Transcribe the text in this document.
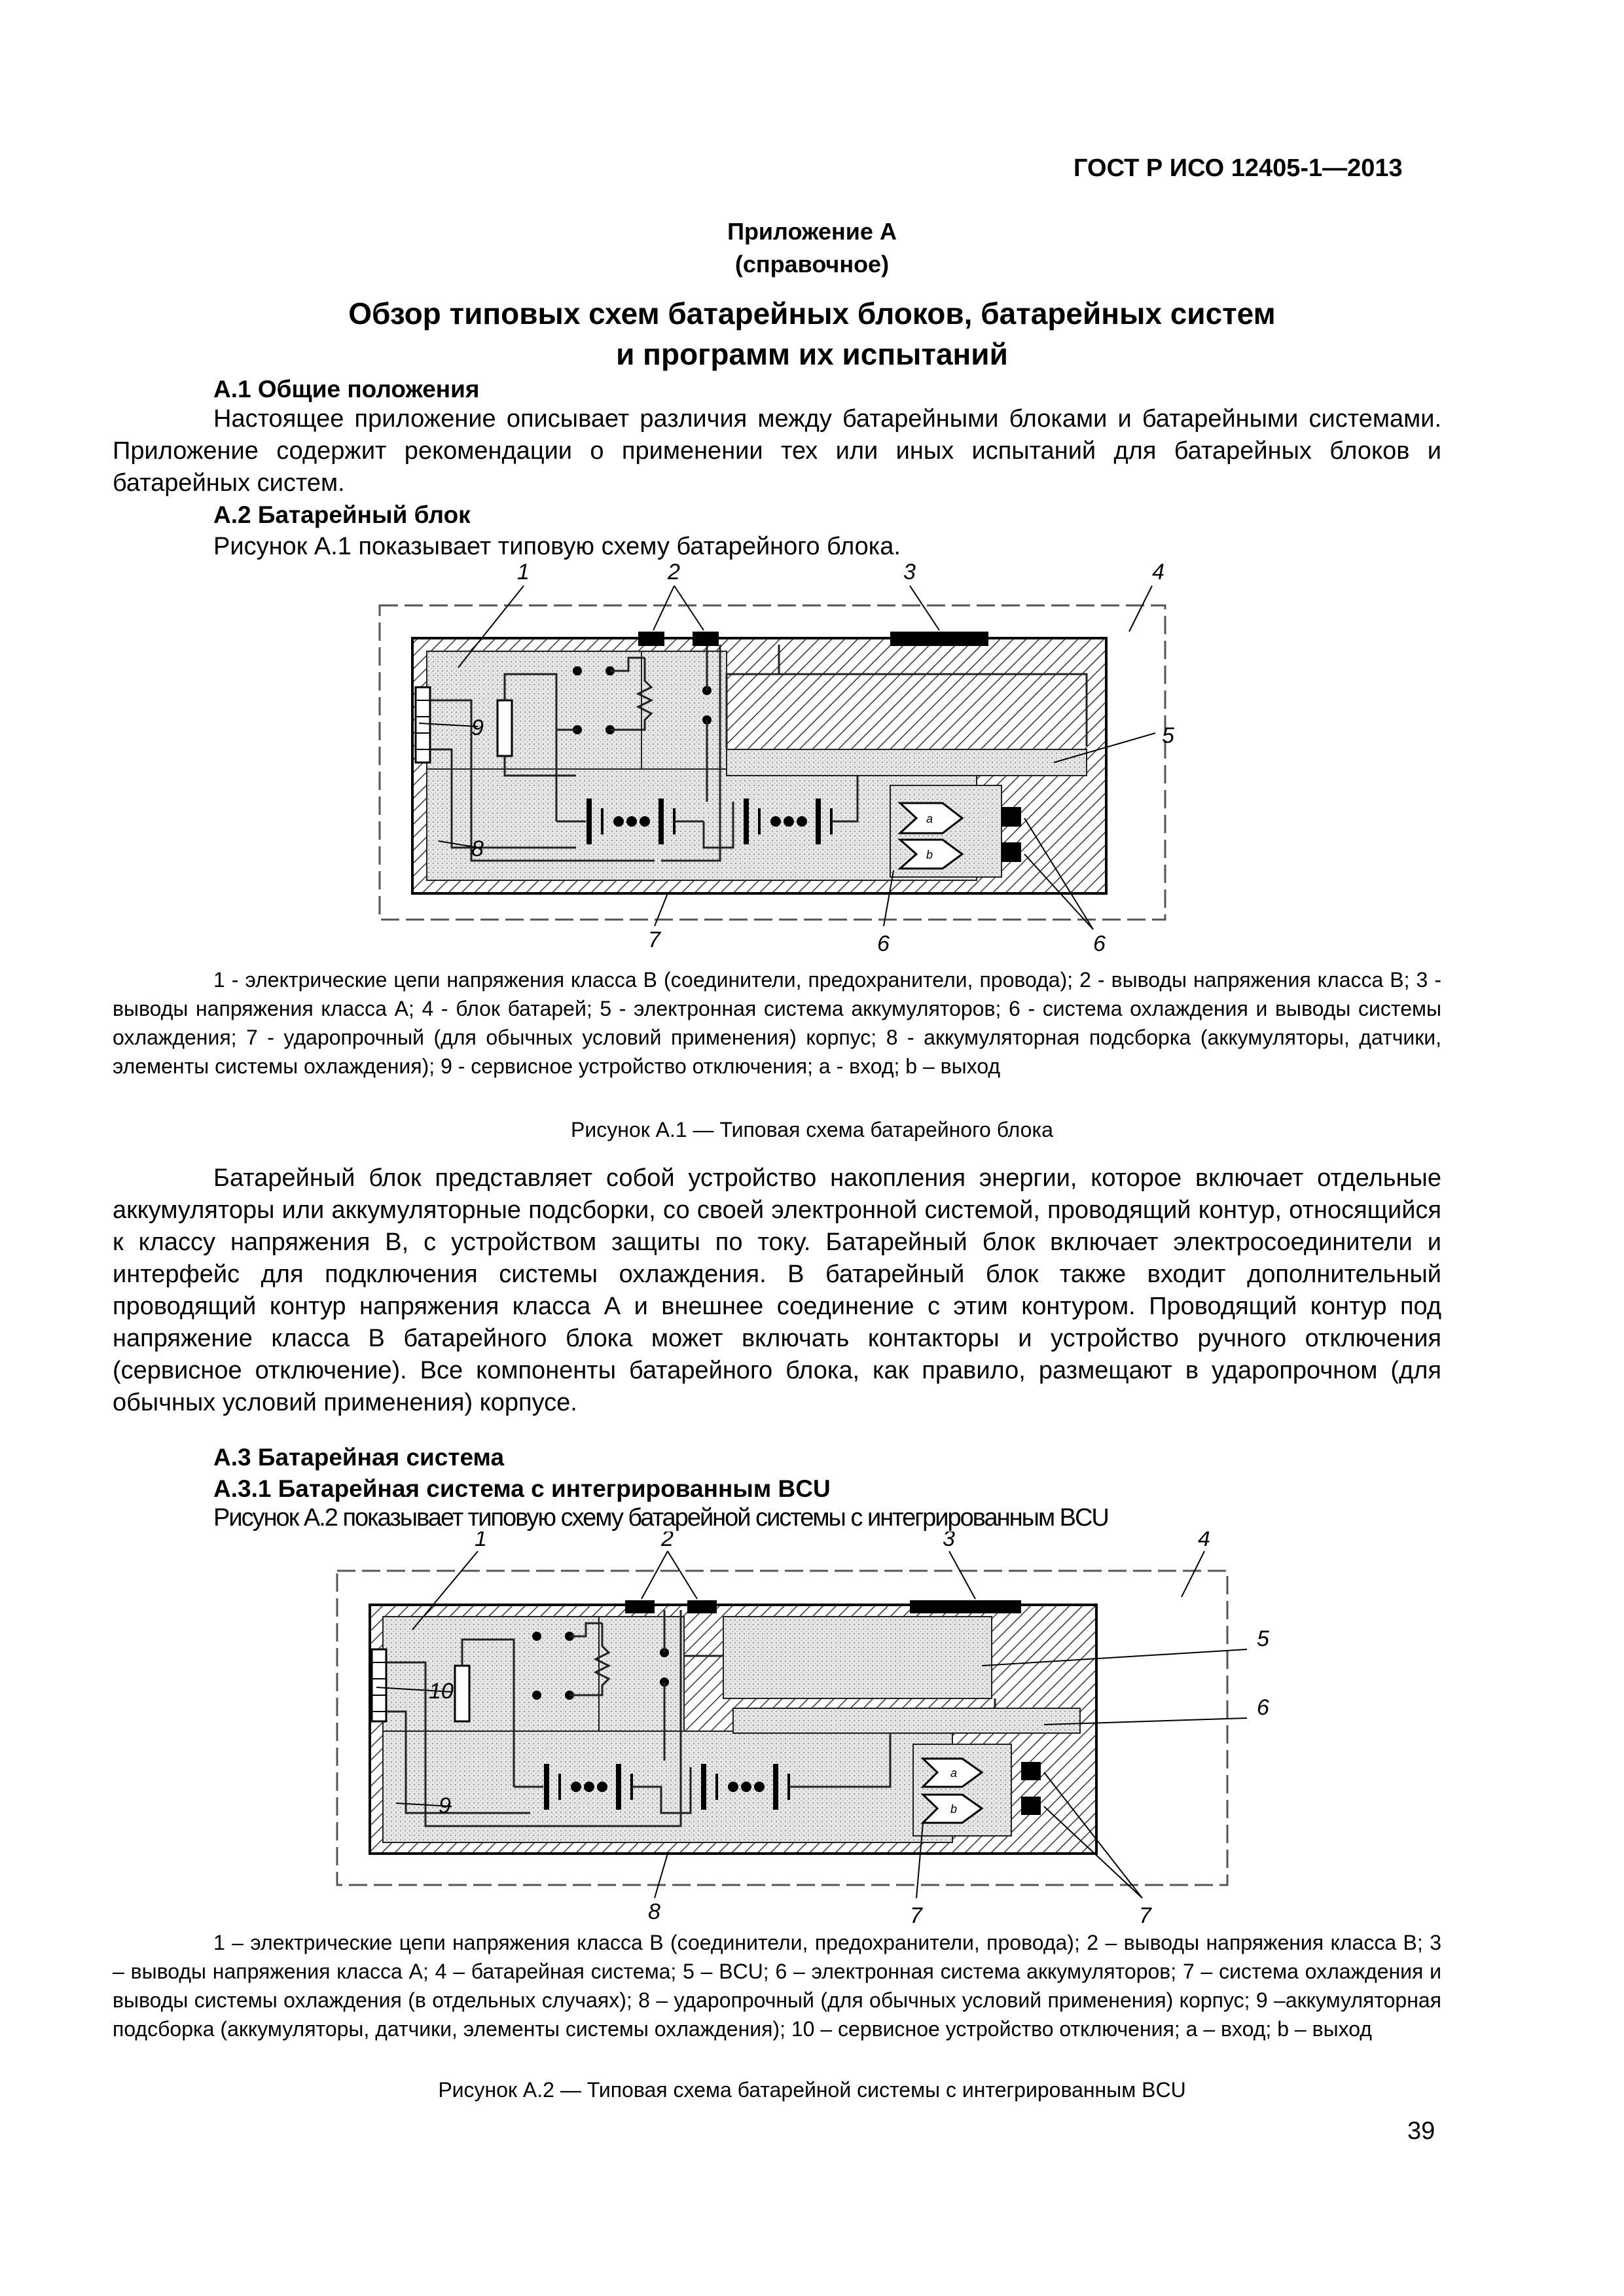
ГОСТ Р ИСО 12405-1—2013
Приложение А
(справочное)
Обзор типовых схем батарейных блоков, батарейных систем
и программ их испытаний
А.1 Общие положения
Настоящее приложение описывает различия между батарейными блоками и батарейными системами. Приложение содержит рекомендации о применении тех или иных испытаний для батарейных блоков и батарейных систем.
А.2 Батарейный блок
Рисунок А.1 показывает типовую схему батарейного блока.
a
b
1	2	3	4
5
6	6
7
8
9
1 - электрические цепи напряжения класса В (соединители, предохранители, провода); 2 - выводы напряжения класса В; 3 - выводы напряжения класса А; 4 - блок батарей; 5 - электронная система аккумуляторов; 6 - система охлаждения и выводы системы охлаждения; 7 - ударопрочный (для обычных условий применения) корпус; 8 - аккумуляторная подсборка (аккумуляторы, датчики, элементы системы охлаждения); 9 - сервисное устройство отключения; a - вход; b – выход
Рисунок А.1 — Типовая схема батарейного блока
Батарейный блок представляет собой устройство накопления энергии, которое включает отдельные аккумуляторы или аккумуляторные подсборки, со своей электронной системой, проводящий контур, относящийся к классу напряжения В, с устройством защиты по току. Батарейный блок включает электросоединители и интерфейс для подключения системы охлаждения. В батарейный блок также входит дополнительный проводящий контур напряжения класса А и внешнее соединение с этим контуром. Проводящий контур под напряжение класса В батарейного блока может включать контакторы и устройство ручного отключения (сервисное отключение). Все компоненты батарейного блока, как правило, размещают в ударопрочном (для обычных условий применения) корпусе.
А.3 Батарейная система
А.3.1 Батарейная система с интегрированным BCU
Рисунок А.2 показывает типовую схему батарейной системы с интегрированным BCU
a
b
1	2	3	4
5
6
7	7
8
9
10
1 – электрические цепи напряжения класса В (соединители, предохранители, провода); 2 – выводы напряжения класса В; 3 – выводы напряжения класса А; 4 – батарейная система; 5 – BCU; 6 – электронная система аккумуляторов; 7 – система охлаждения и выводы системы охлаждения (в отдельных случаях); 8 – ударопрочный (для обычных условий применения) корпус; 9 –аккумуляторная подсборка (аккумуляторы, датчики, элементы системы охлаждения); 10 – сервисное устройство отключения; a – вход; b – выход
Рисунок А.2 — Типовая схема батарейной системы с интегрированным BCU
39
